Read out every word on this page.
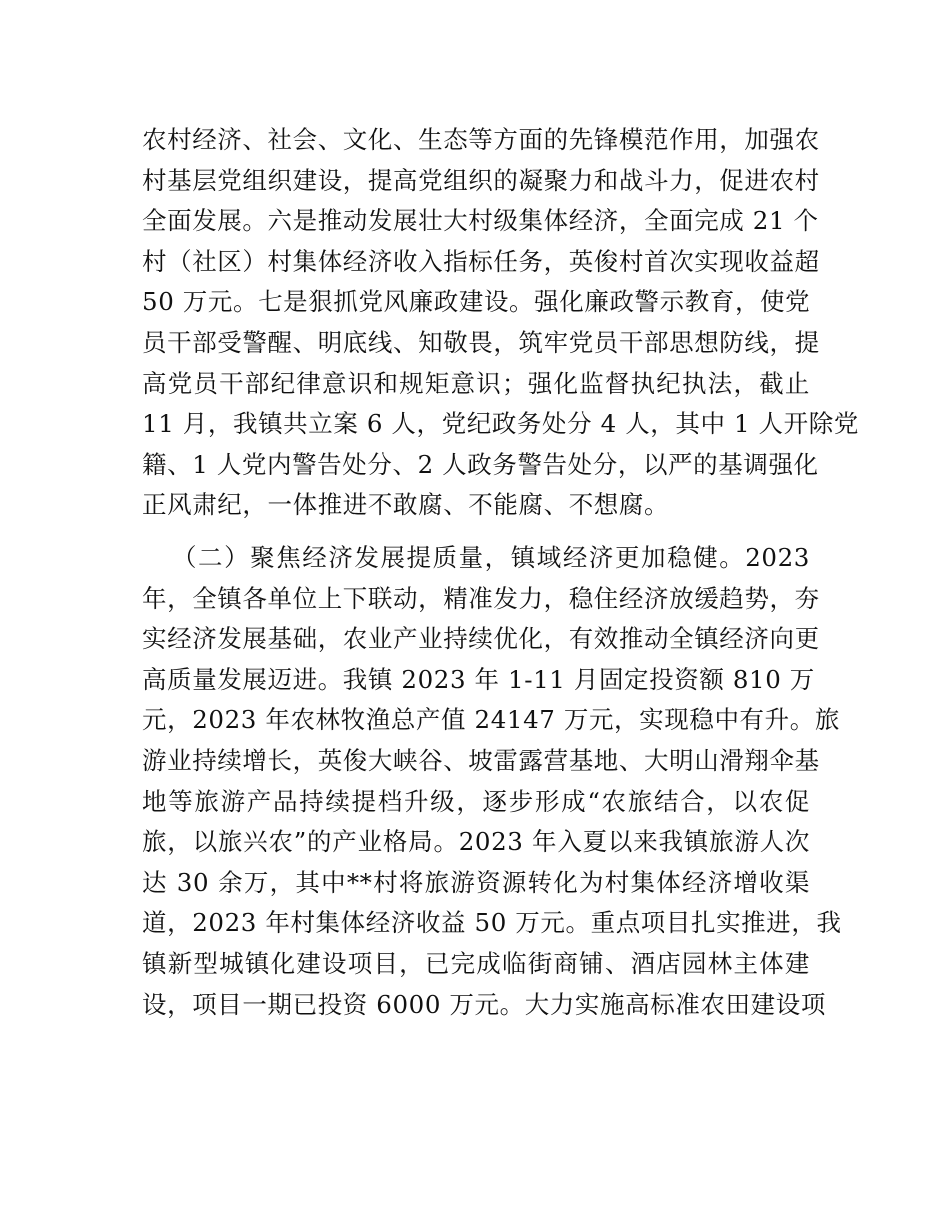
农村经济、社会、文化、生态等方面的先锋模范作用，加强农
村基层党组织建设，提高党组织的凝聚力和战斗力，促进农村
全面发展。六是推动发展壮大村级集体经济，全面完成 21 个
村（社区）村集体经济收入指标任务，英俊村首次实现收益超
50 万元。七是狠抓党风廉政建设。强化廉政警示教育，使党
员干部受警醒、明底线、知敬畏，筑牢党员干部思想防线，提
高党员干部纪律意识和规矩意识；强化监督执纪执法，截止
11 月，我镇共立案 6 人，党纪政务处分 4 人，其中 1 人开除党
籍、1 人党内警告处分、2 人政务警告处分，以严的基调强化
正风肃纪，一体推进不敢腐、不能腐、不想腐。
（二）聚焦经济发展提质量，镇域经济更加稳健。2023
年，全镇各单位上下联动，精准发力，稳住经济放缓趋势，夯
实经济发展基础，农业产业持续优化，有效推动全镇经济向更
高质量发展迈进。我镇 2023 年 1-11 月固定投资额 810 万
元，2023 年农林牧渔总产值 24147 万元，实现稳中有升。旅
游业持续增长，英俊大峡谷、坡雷露营基地、大明山滑翔伞基
地等旅游产品持续提档升级，逐步形成“农旅结合，以农促
旅，以旅兴农”的产业格局。2023 年入夏以来我镇旅游人次
达 30 余万，其中**村将旅游资源转化为村集体经济增收渠
道，2023 年村集体经济收益 50 万元。重点项目扎实推进，我
镇新型城镇化建设项目，已完成临街商铺、酒店园林主体建
设，项目一期已投资 6000 万元。大力实施高标准农田建设项
